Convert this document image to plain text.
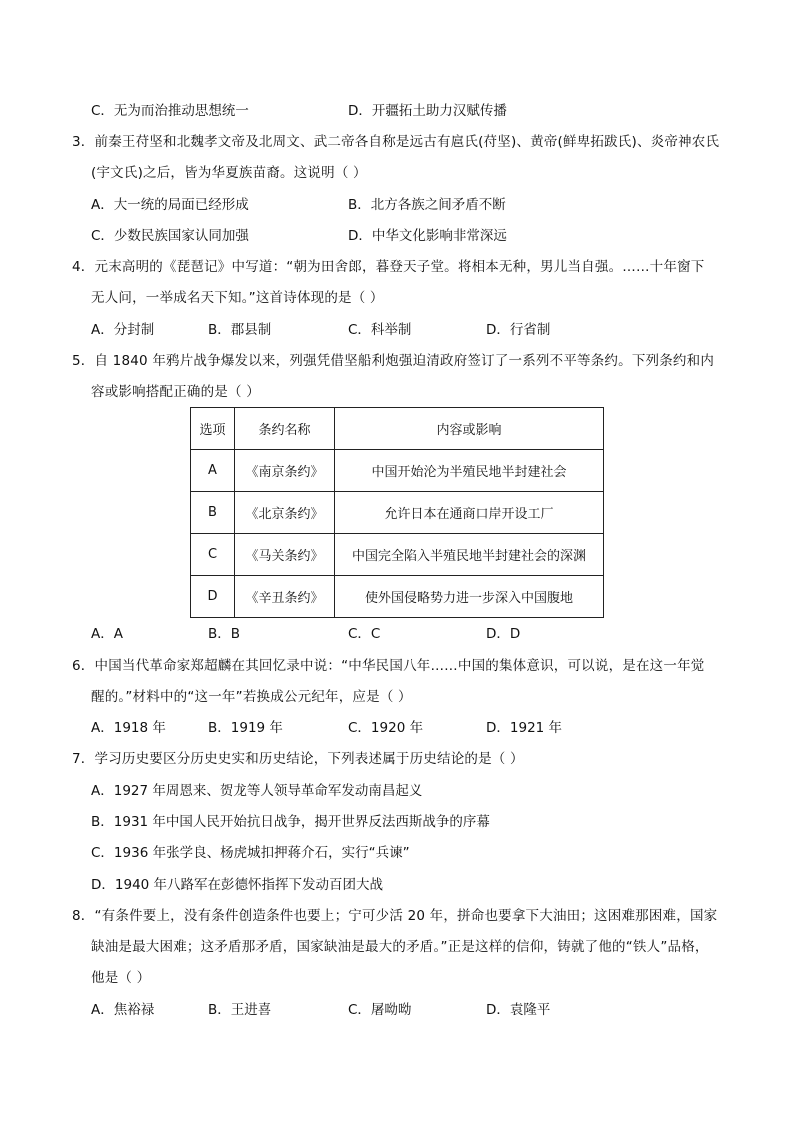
C．无为而治推动思想统一	D．开疆拓土助力汉赋传播
3．前秦王苻坚和北魏孝文帝及北周文、武二帝各自称是远古有扈氏(苻坚)、黄帝(鲜卑拓跋氏)、炎帝神农氏
(宇文氏)之后，皆为华夏族苗裔。这说明（ ）
A．大一统的局面已经形成	B．北方各族之间矛盾不断
C．少数民族国家认同加强	D．中华文化影响非常深远
4．元末高明的《琵琶记》中写道：“朝为田舍郎，暮登天子堂。将相本无种，男儿当自强。……十年窗下
无人问，一举成名天下知。”这首诗体现的是（ ）
A．分封制	B．郡县制	C．科举制	D．行省制
5．自 1840 年鸦片战争爆发以来，列强凭借坚船利炮强迫清政府签订了一系列不平等条约。下列条约和内
容或影响搭配正确的是（ ）
选项	条约名称	内容或影响
A	《南京条约》	中国开始沦为半殖民地半封建社会
B	《北京条约》	允许日本在通商口岸开设工厂
C	《马关条约》	中国完全陷入半殖民地半封建社会的深渊
D	《辛丑条约》	使外国侵略势力进一步深入中国腹地
A．A	B．B	C．C	D．D
6．中国当代革命家郑超麟在其回忆录中说：“中华民国八年……中国的集体意识，可以说，是在这一年觉
醒的。”材料中的“这一年”若换成公元纪年，应是（ ）
A．1918 年	B．1919 年	C．1920 年	D．1921 年
7．学习历史要区分历史史实和历史结论，下列表述属于历史结论的是（ ）
A．1927 年周恩来、贺龙等人领导革命军发动南昌起义
B．1931 年中国人民开始抗日战争，揭开世界反法西斯战争的序幕
C．1936 年张学良、杨虎城扣押蒋介石，实行“兵谏”
D．1940 年八路军在彭德怀指挥下发动百团大战
8．“有条件要上，没有条件创造条件也要上；宁可少活 20 年，拼命也要拿下大油田；这困难那困难，国家
缺油是最大困难；这矛盾那矛盾，国家缺油是最大的矛盾。”正是这样的信仰，铸就了他的“铁人”品格，
他是（ ）
A．焦裕禄	B．王进喜	C．屠呦呦	D．袁隆平
